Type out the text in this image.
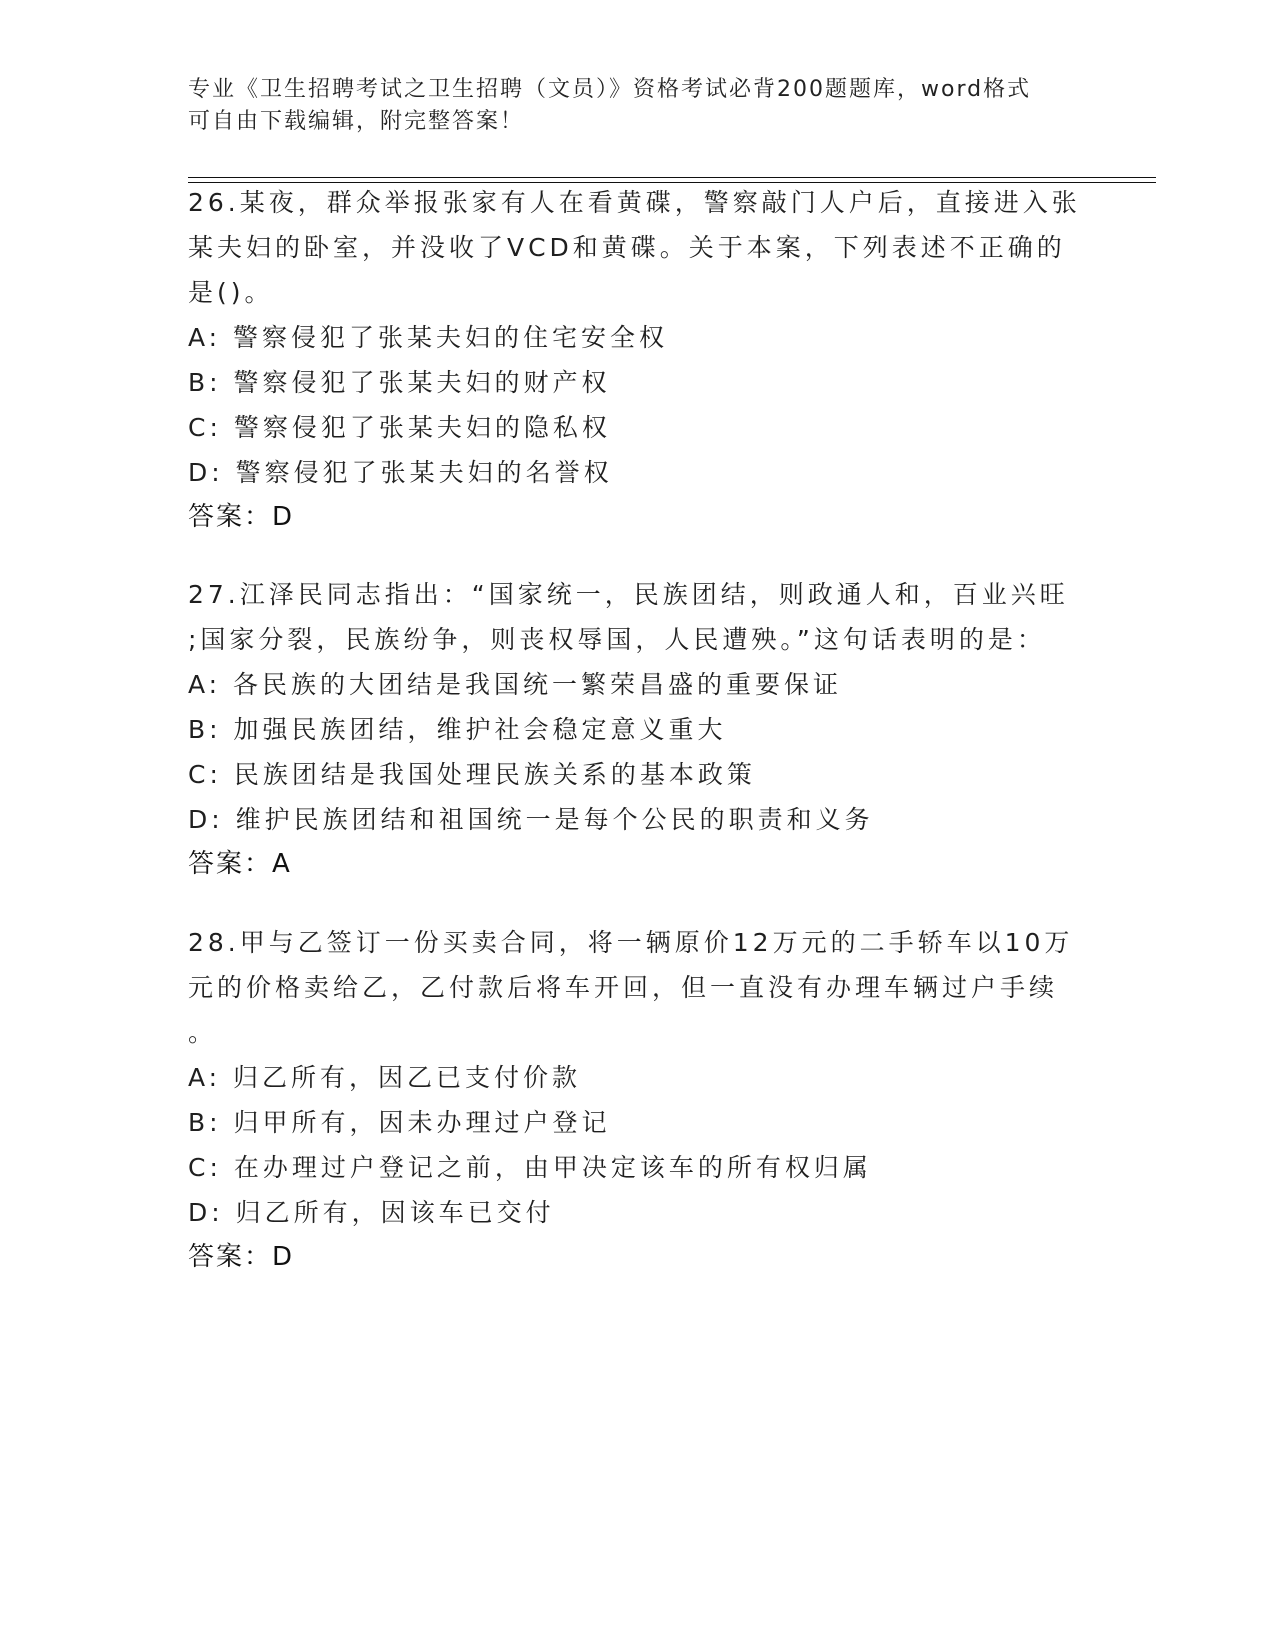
专业《卫生招聘考试之卫生招聘（文员）》资格考试必背200题题库，word格式
可自由下载编辑，附完整答案！

26.某夜，群众举报张家有人在看黄碟，警察敲门人户后，直接进入张

某夫妇的卧室，并没收了VCD和黄碟。关于本案，下列表述不正确的

是()。

A: 警察侵犯了张某夫妇的住宅安全权

B: 警察侵犯了张某夫妇的财产权

C: 警察侵犯了张某夫妇的隐私权

D: 警察侵犯了张某夫妇的名誉权

答案：D

27.江泽民同志指出：“国家统一，民族团结，则政通人和，百业兴旺

;国家分裂，民族纷争，则丧权辱国，人民遭殃。”这句话表明的是：

A: 各民族的大团结是我国统一繁荣昌盛的重要保证

B: 加强民族团结，维护社会稳定意义重大

C: 民族团结是我国处理民族关系的基本政策

D: 维护民族团结和祖国统一是每个公民的职责和义务

答案：A

28.甲与乙签订一份买卖合同，将一辆原价12万元的二手轿车以10万

元的价格卖给乙，乙付款后将车开回，但一直没有办理车辆过户手续

。

A: 归乙所有，因乙已支付价款

B: 归甲所有，因未办理过户登记

C: 在办理过户登记之前，由甲决定该车的所有权归属

D: 归乙所有，因该车已交付

答案：D
